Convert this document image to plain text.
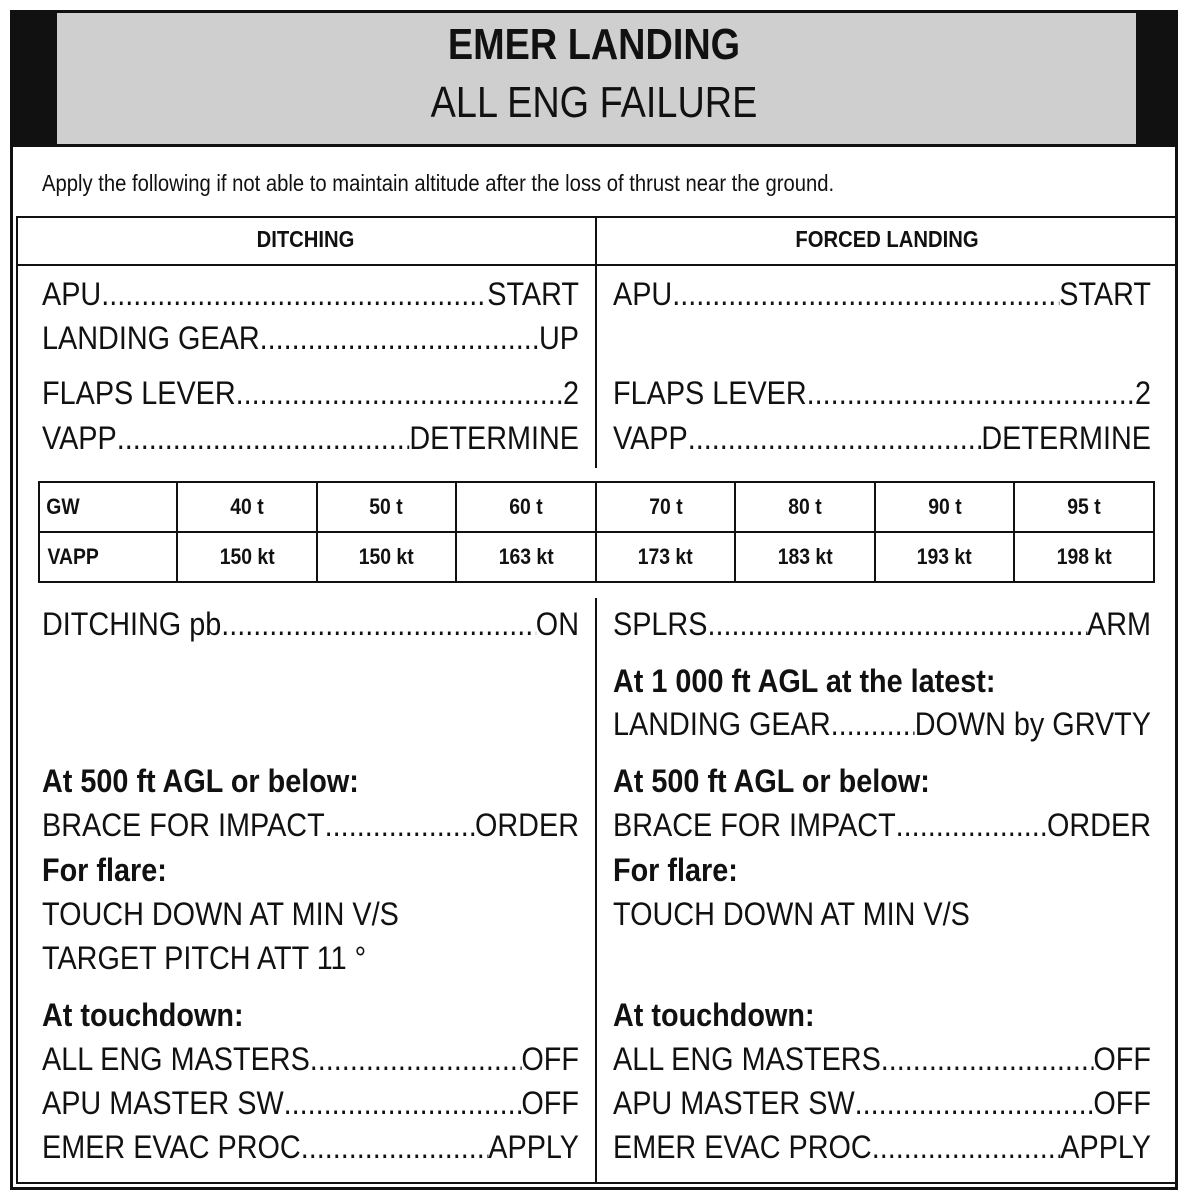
EMER LANDING
ALL ENG FAILURE
Apply the following if not able to maintain altitude after the loss of thrust near the ground.
DITCHING	FORCED LANDING
APU .....	START
LANDING GEAR .....	UP
FLAPS LEVER .....	2
VAPP .....	DETERMINE
APU .....	START
FLAPS LEVER .....	2
VAPP .....	DETERMINE
GW	40 t	50 t	60 t	70 t	80 t	90 t	95 t
VAPP	150 kt	150 kt	163 kt	173 kt	183 kt	193 kt	198 kt
DITCHING pb .....	ON
At 500 ft AGL or below:
BRACE FOR IMPACT .....	ORDER
For flare:
TOUCH DOWN AT MIN V/S
TARGET PITCH ATT 11 °
At touchdown:
ALL ENG MASTERS .....	OFF
APU MASTER SW .....	OFF
EMER EVAC PROC .....	APPLY
SPLRS .....	ARM
At 1 000 ft AGL at the latest:
LANDING GEAR .....	DOWN by GRVTY
At 500 ft AGL or below:
BRACE FOR IMPACT .....	ORDER
For flare:
TOUCH DOWN AT MIN V/S
At touchdown:
ALL ENG MASTERS .....	OFF
APU MASTER SW .....	OFF
EMER EVAC PROC .....	APPLY
